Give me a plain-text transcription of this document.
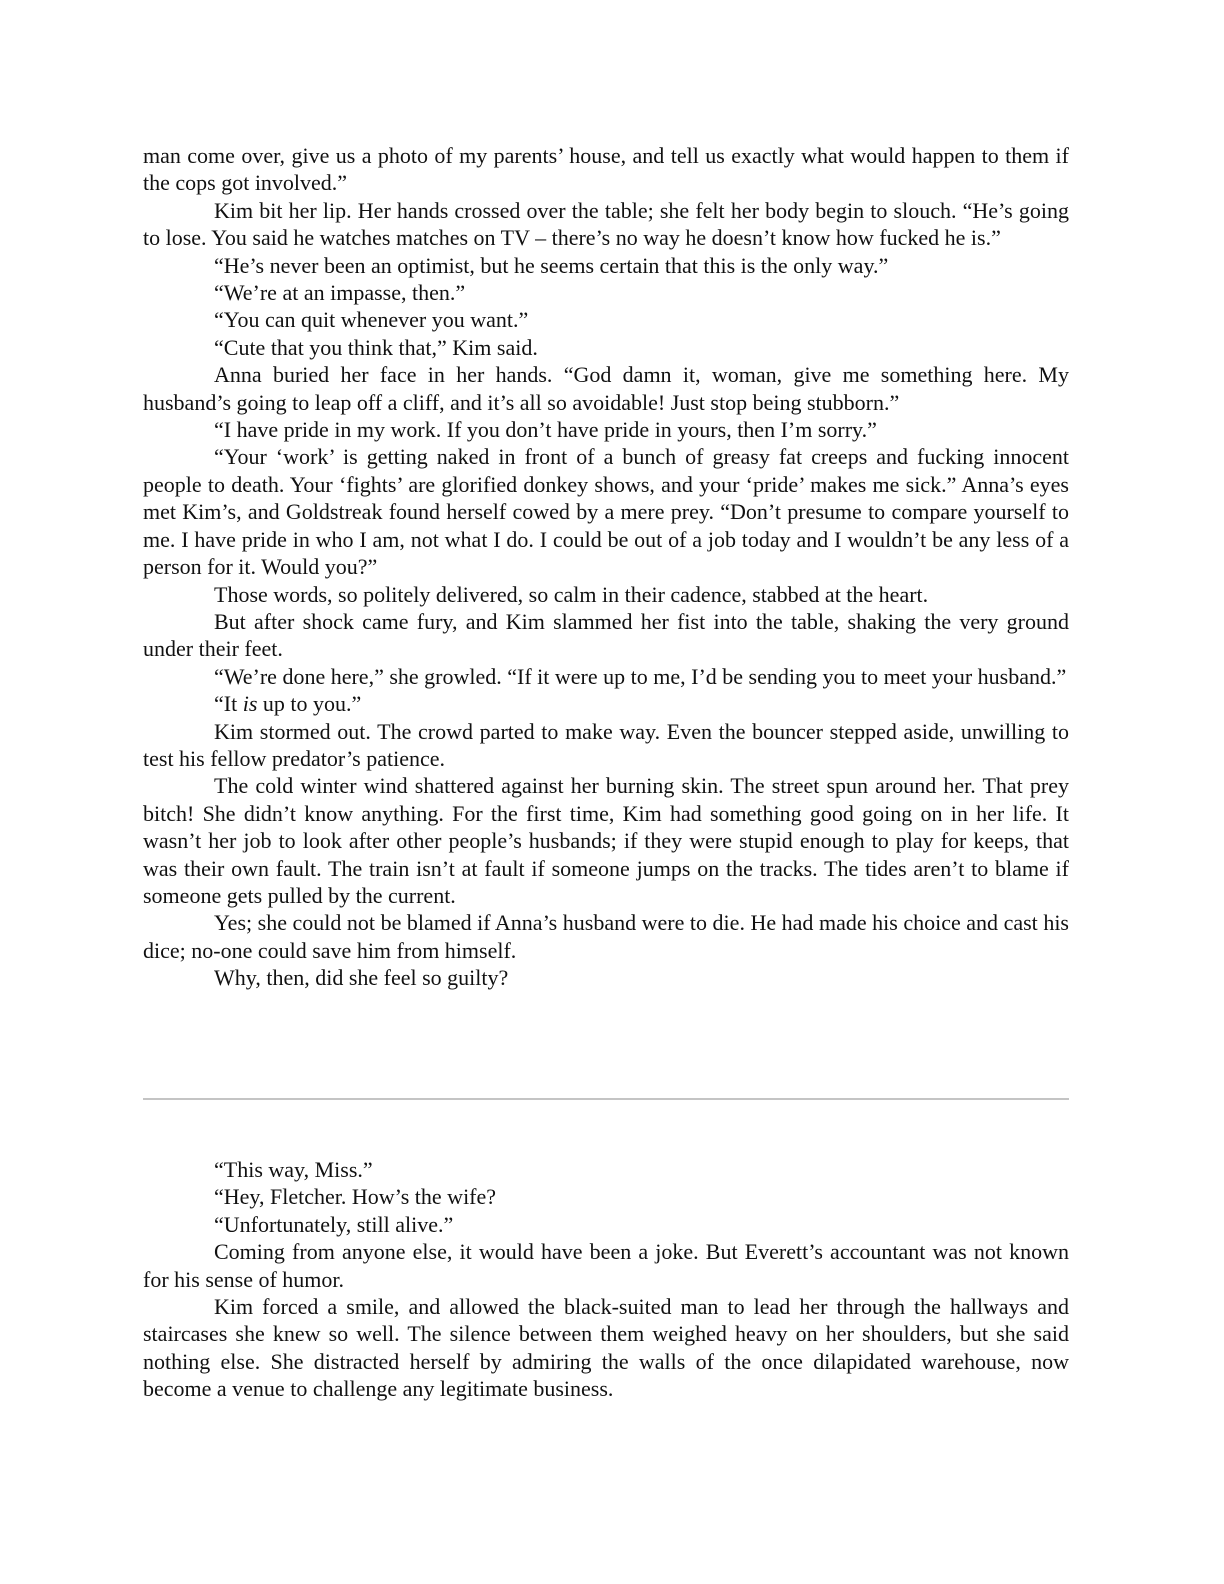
man come over, give us a photo of my parents’ house, and tell us exactly what would happen to them if the cops got involved.”

Kim bit her lip. Her hands crossed over the table; she felt her body begin to slouch. “He’s going to lose. You said he watches matches on TV – there’s no way he doesn’t know how fucked he is.”

“He’s never been an optimist, but he seems certain that this is the only way.”

“We’re at an impasse, then.”

“You can quit whenever you want.”

“Cute that you think that,” Kim said.

Anna buried her face in her hands. “God damn it, woman, give me something here. My husband’s going to leap off a cliff, and it’s all so avoidable! Just stop being stubborn.”

“I have pride in my work. If you don’t have pride in yours, then I’m sorry.”

“Your ‘work’ is getting naked in front of a bunch of greasy fat creeps and fucking innocent people to death. Your ‘fights’ are glorified donkey shows, and your ‘pride’ makes me sick.” Anna’s eyes met Kim’s, and Goldstreak found herself cowed by a mere prey. “Don’t presume to compare yourself to me. I have pride in who I am, not what I do. I could be out of a job today and I wouldn’t be any less of a person for it. Would you?”

Those words, so politely delivered, so calm in their cadence, stabbed at the heart.

But after shock came fury, and Kim slammed her fist into the table, shaking the very ground under their feet.

“We’re done here,” she growled. “If it were up to me, I’d be sending you to meet your husband.”

“It is up to you.”

Kim stormed out. The crowd parted to make way. Even the bouncer stepped aside, unwilling to test his fellow predator’s patience.

The cold winter wind shattered against her burning skin. The street spun around her. That prey bitch! She didn’t know anything. For the first time, Kim had something good going on in her life. It wasn’t her job to look after other people’s husbands; if they were stupid enough to play for keeps, that was their own fault. The train isn’t at fault if someone jumps on the tracks. The tides aren’t to blame if someone gets pulled by the current.

Yes; she could not be blamed if Anna’s husband were to die. He had made his choice and cast his dice; no-one could save him from himself.

Why, then, did she feel so guilty?

“This way, Miss.”

“Hey, Fletcher. How’s the wife?

“Unfortunately, still alive.”

Coming from anyone else, it would have been a joke. But Everett’s accountant was not known for his sense of humor.

Kim forced a smile, and allowed the black-suited man to lead her through the hallways and staircases she knew so well. The silence between them weighed heavy on her shoulders, but she said nothing else. She distracted herself by admiring the walls of the once dilapidated warehouse, now become a venue to challenge any legitimate business.
